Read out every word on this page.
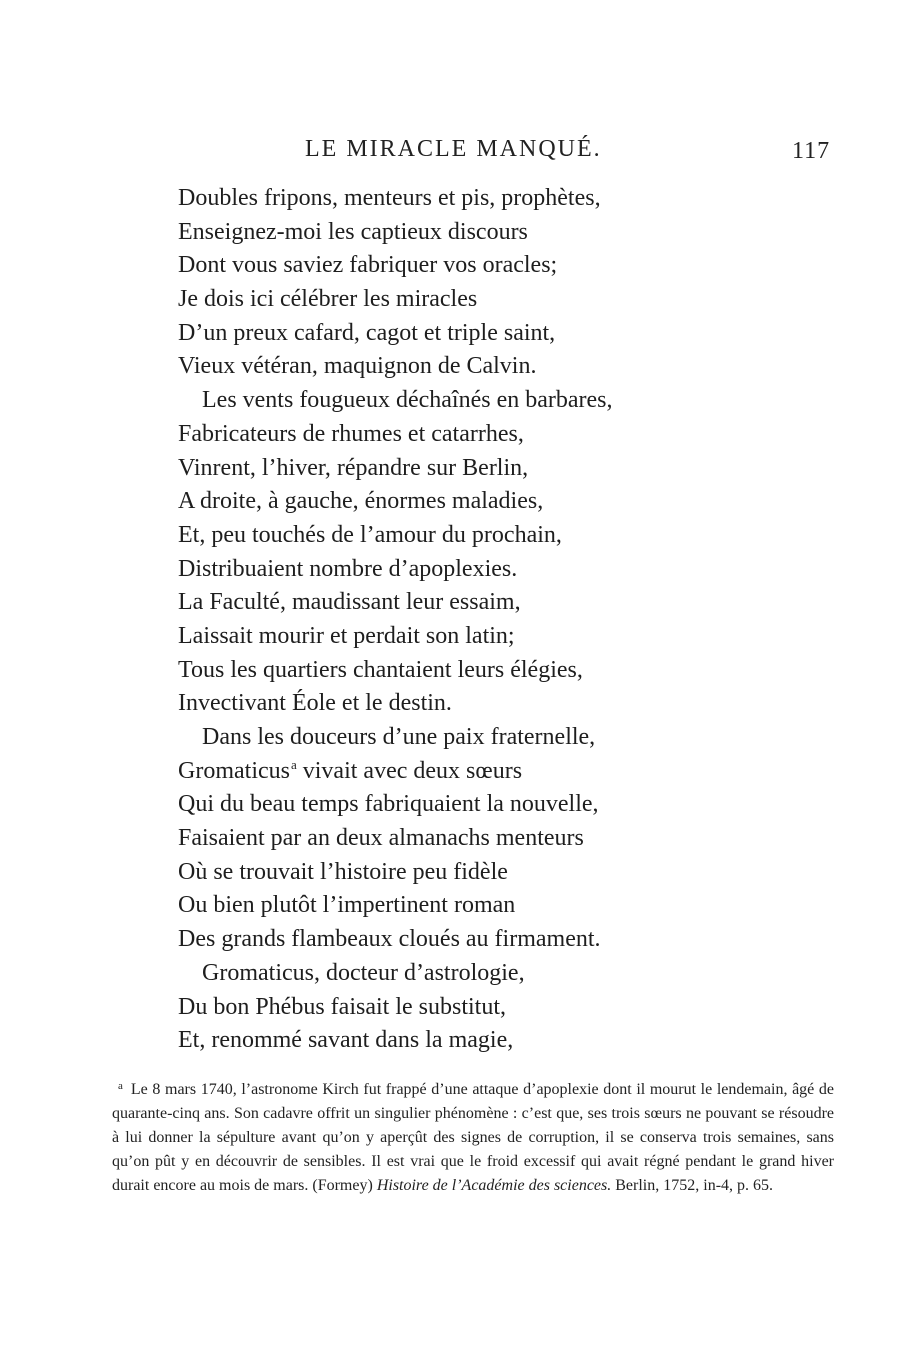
LE MIRACLE MANQUÉ.	117
Doubles fripons, menteurs et pis, prophètes,
Enseignez-moi les captieux discours
Dont vous saviez fabriquer vos oracles;
Je dois ici célébrer les miracles
D’un preux cafard, cagot et triple saint,
Vieux vétéran, maquignon de Calvin.
Les vents fougueux déchaînés en barbares,
Fabricateurs de rhumes et catarrhes,
Vinrent, l’hiver, répandre sur Berlin,
A droite, à gauche, énormes maladies,
Et, peu touchés de l’amour du prochain,
Distribuaient nombre d’apoplexies.
La Faculté, maudissant leur essaim,
Laissait mourir et perdait son latin;
Tous les quartiers chantaient leurs élégies,
Invectivant Éole et le destin.
Dans les douceurs d’une paix fraternelle,
Gromaticus$^a$ vivait avec deux sœurs
Qui du beau temps fabriquaient la nouvelle,
Faisaient par an deux almanachs menteurs
Où se trouvait l’histoire peu fidèle
Ou bien plutôt l’impertinent roman
Des grands flambeaux cloués au firmament.
Gromaticus, docteur d’astrologie,
Du bon Phébus faisait le substitut,
Et, renommé savant dans la magie,
$^a$ Le 8 mars 1740, l’astronome Kirch fut frappé d’une attaque d’apoplexie dont il mourut le lendemain, âgé de quarante-cinq ans. Son cadavre offrit un singulier phénomène : c’est que, ses trois sœurs ne pouvant se résoudre à lui donner la sépulture avant qu’on y aperçût des signes de corruption, il se conserva trois semaines, sans qu’on pût y en découvrir de sensibles. Il est vrai que le froid excessif qui avait régné pendant le grand hiver durait encore au mois de mars. (Formey) Histoire de l’Académie des sciences. Berlin, 1752, in-4, p. 65.
